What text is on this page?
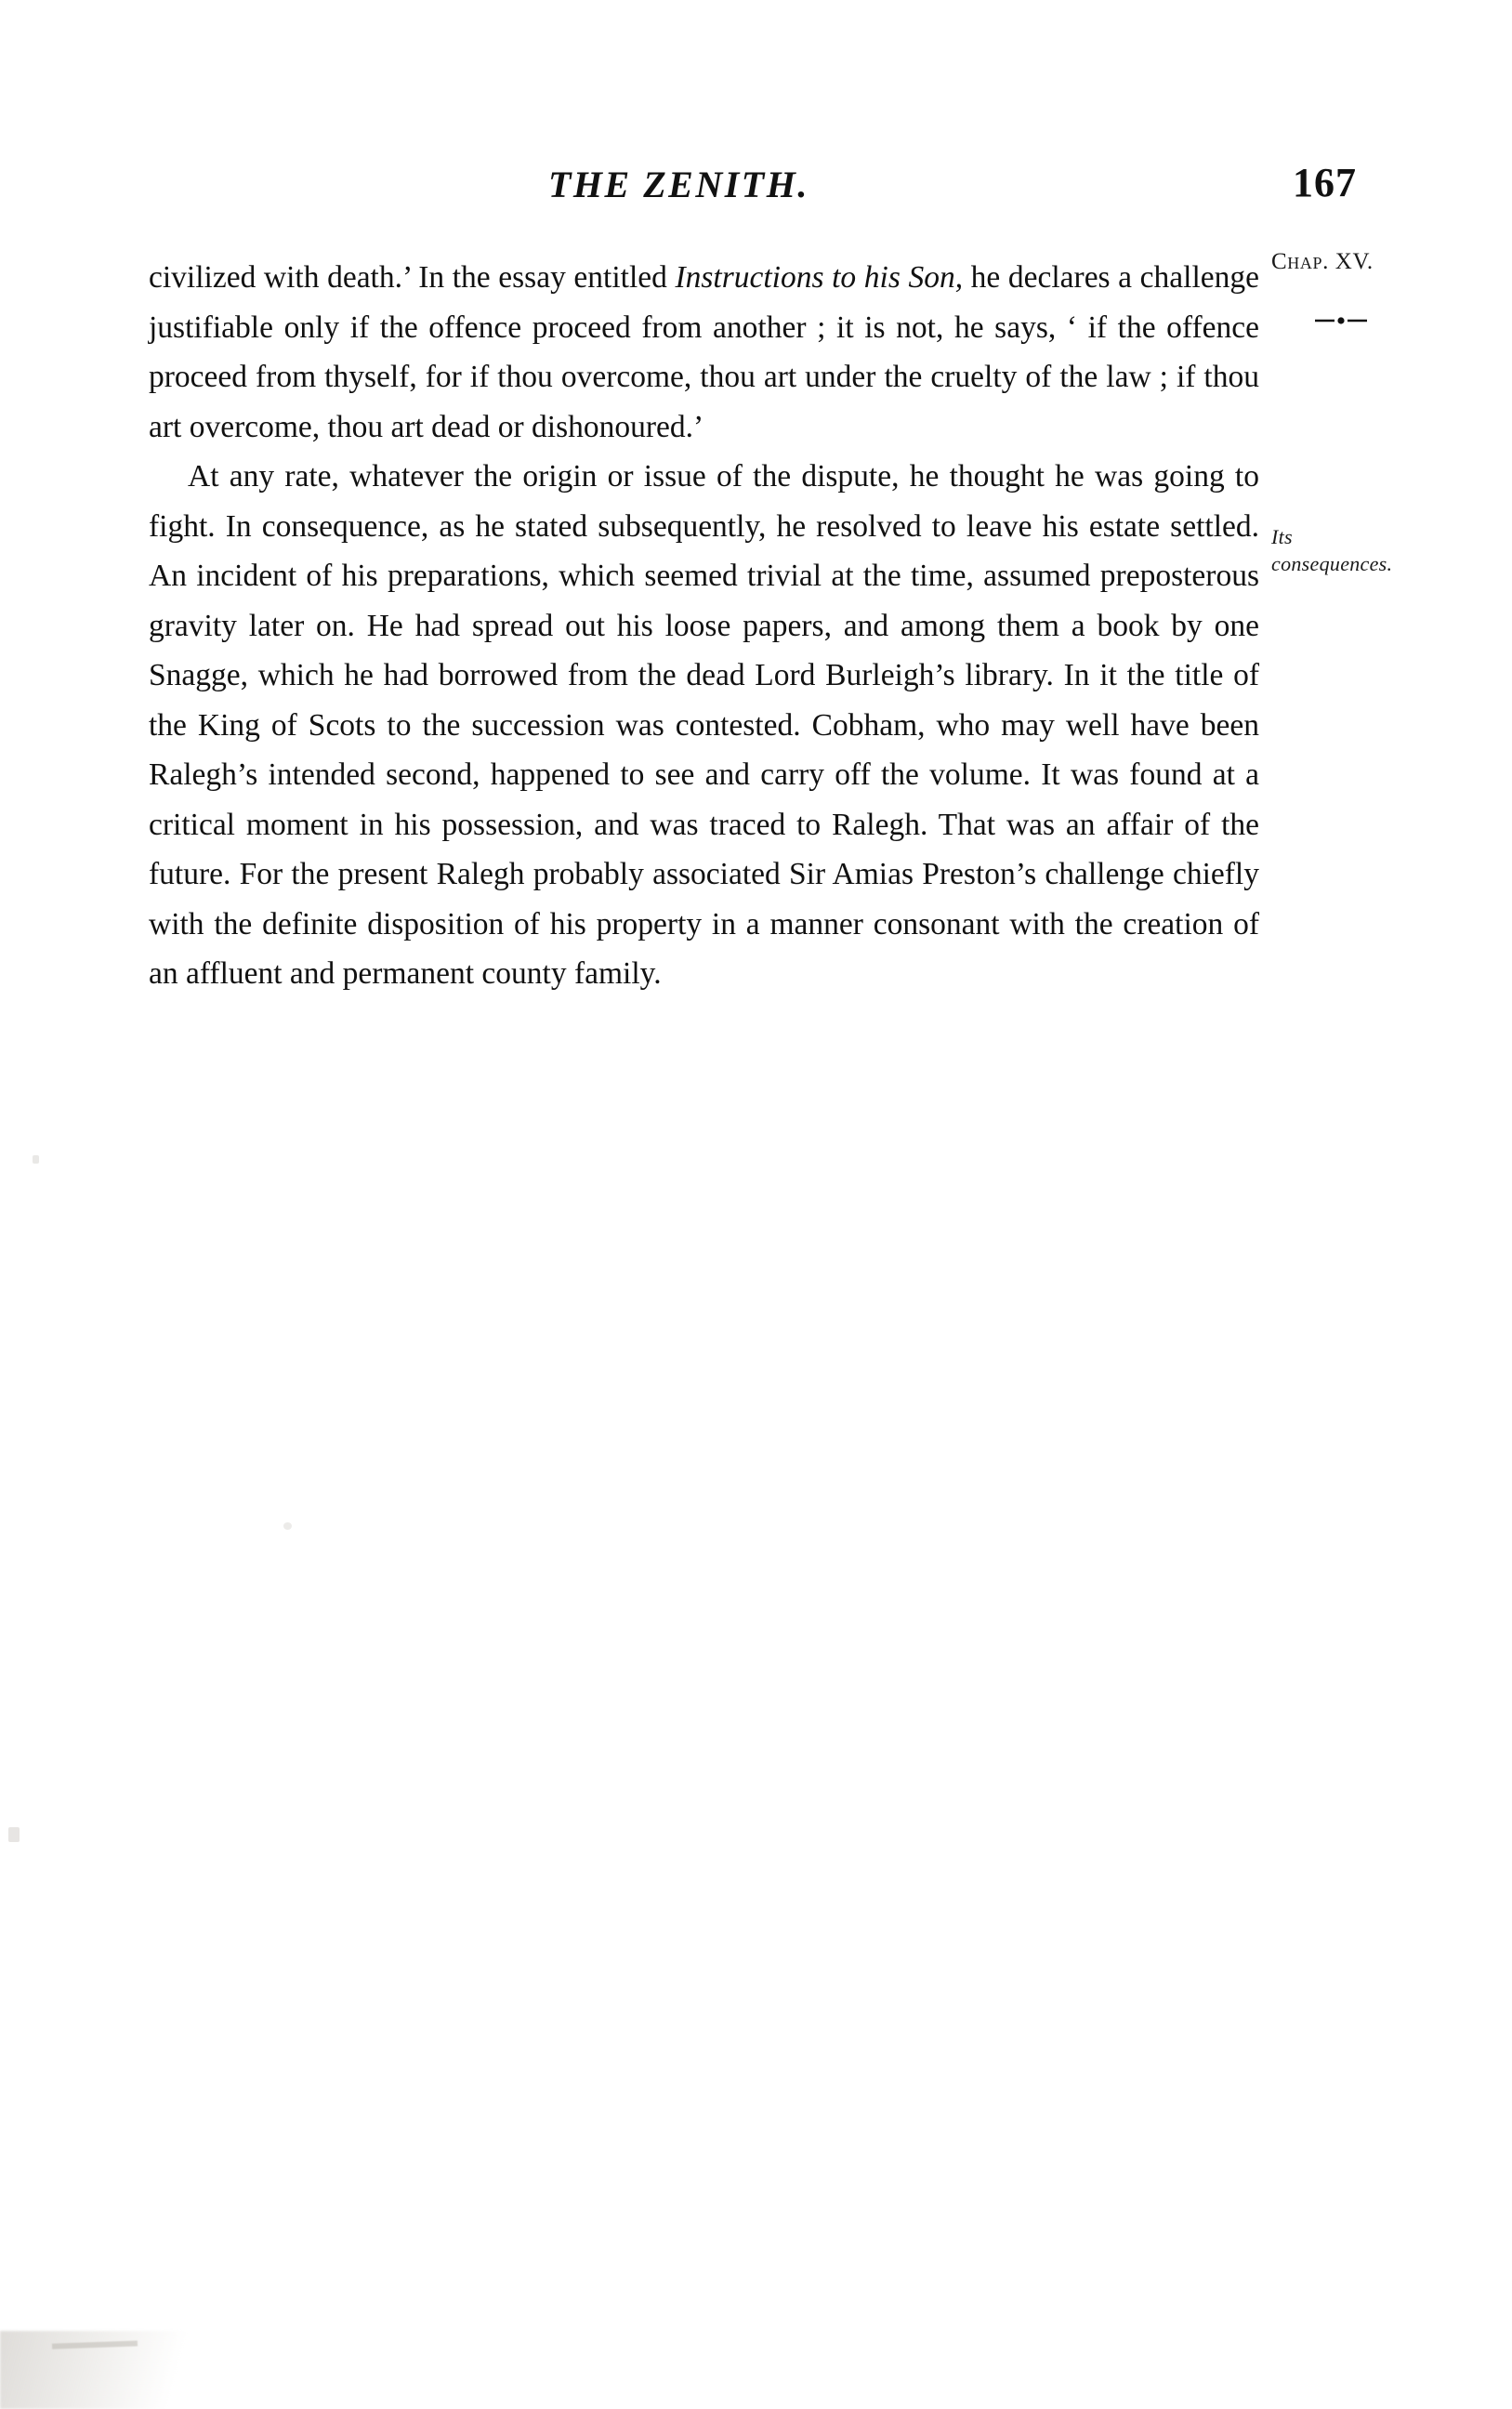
THE ZENITH.	167

civilized with death.’ In the essay entitled Instructions to his Son, he declares a challenge justifiable only if the offence proceed from another ; it is not, he says, ‘ if the offence proceed from thyself, for if thou overcome, thou art under the cruelty of the law ; if thou art overcome, thou art dead or dishonoured.’

At any rate, whatever the origin or issue of the dispute, he thought he was going to fight. In consequence, as he stated subsequently, he resolved to leave his estate settled. An incident of his preparations, which seemed trivial at the time, assumed preposterous gravity later on. He had spread out his loose papers, and among them a book by one Snagge, which he had borrowed from the dead Lord Burleigh’s library. In it the title of the King of Scots to the succession was contested. Cobham, who may well have been Ralegh’s intended second, happened to see and carry off the volume. It was found at a critical moment in his possession, and was traced to Ralegh. That was an affair of the future. For the present Ralegh probably associated Sir Amias Preston’s challenge chiefly with the definite disposition of his property in a manner consonant with the creation of an affluent and permanent county family.

Chap. XV.
Its consequences.
